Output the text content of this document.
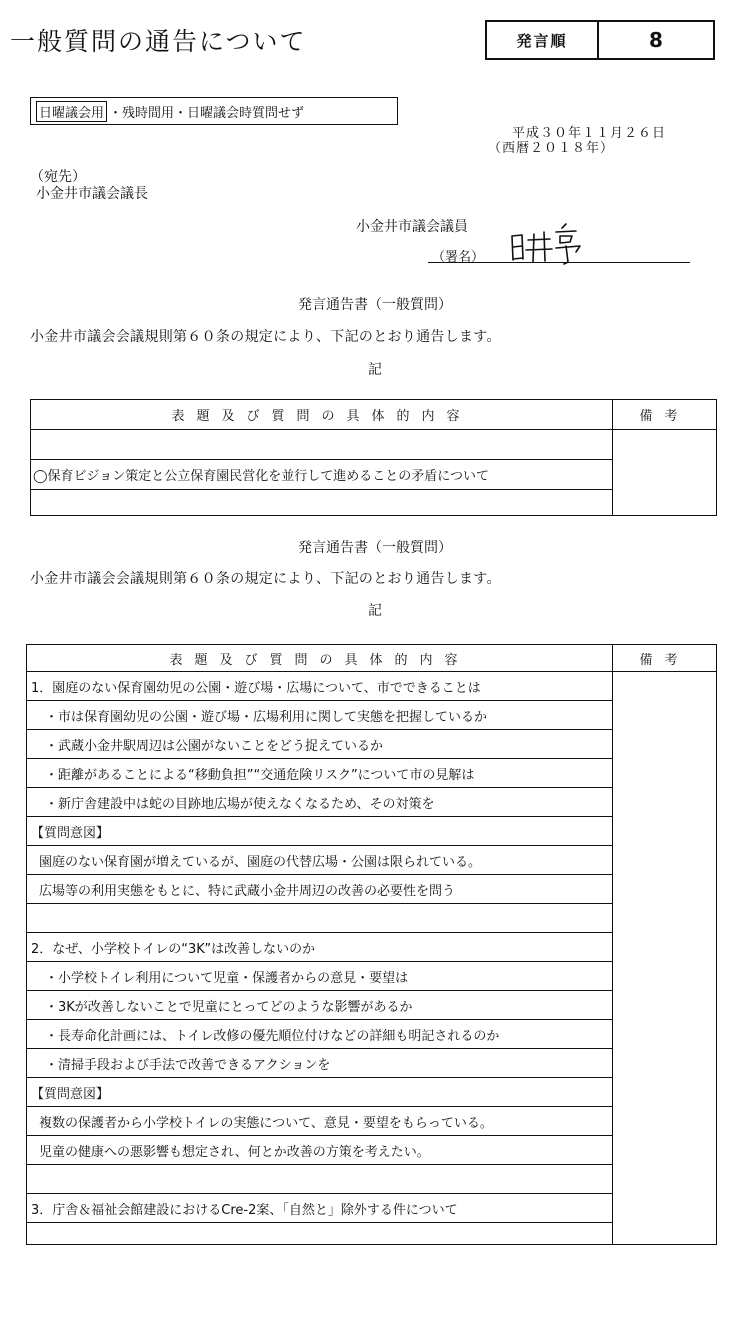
一般質問の通告について	発言順	8
日曜議会用 ・残時間用・日曜議会時質問せず
平成３０年１１月２６日
（西暦２０１８年）
（宛先）
小金井市議会議長
小金井市議会議員
（署名）
発言通告書（一般質問）
小金井市議会会議規則第６０条の規定により、下記のとおり通告します。
記
表題及び質問の具体的内容	備考

◯保育ビジョン策定と公立保育園民営化を並行して進めることの矛盾について	

発言通告書（一般質問）
小金井市議会会議規則第６０条の規定により、下記のとおり通告します。
記
表題及び質問の具体的内容	備考
1．園庭のない保育園幼児の公園・遊び場・広場について、市でできることは	
・市は保育園幼児の公園・遊び場・広場利用に関して実態を把握しているか	
・武蔵小金井駅周辺は公園がないことをどう捉えているか	
・距離があることによる“移動負担”“交通危険リスク”について市の見解は	
・新庁舎建設中は蛇の目跡地広場が使えなくなるため、その対策を	
【質問意図】	
園庭のない保育園が増えているが、園庭の代替広場・公園は限られている。	
広場等の利用実態をもとに、特に武蔵小金井周辺の改善の必要性を問う	

2．なぜ、小学校トイレの“3K”は改善しないのか	
・小学校トイレ利用について児童・保護者からの意見・要望は	
・3Kが改善しないことで児童にとってどのような影響があるか	
・長寿命化計画には、トイレ改修の優先順位付けなどの詳細も明記されるのか	
・清掃手段および手法で改善できるアクションを	
【質問意図】	
複数の保護者から小学校トイレの実態について、意見・要望をもらっている。	
児童の健康への悪影響も想定され、何とか改善の方策を考えたい。	

3．庁舎＆福祉会館建設におけるCre-2案、「自然と」除外する件について	
